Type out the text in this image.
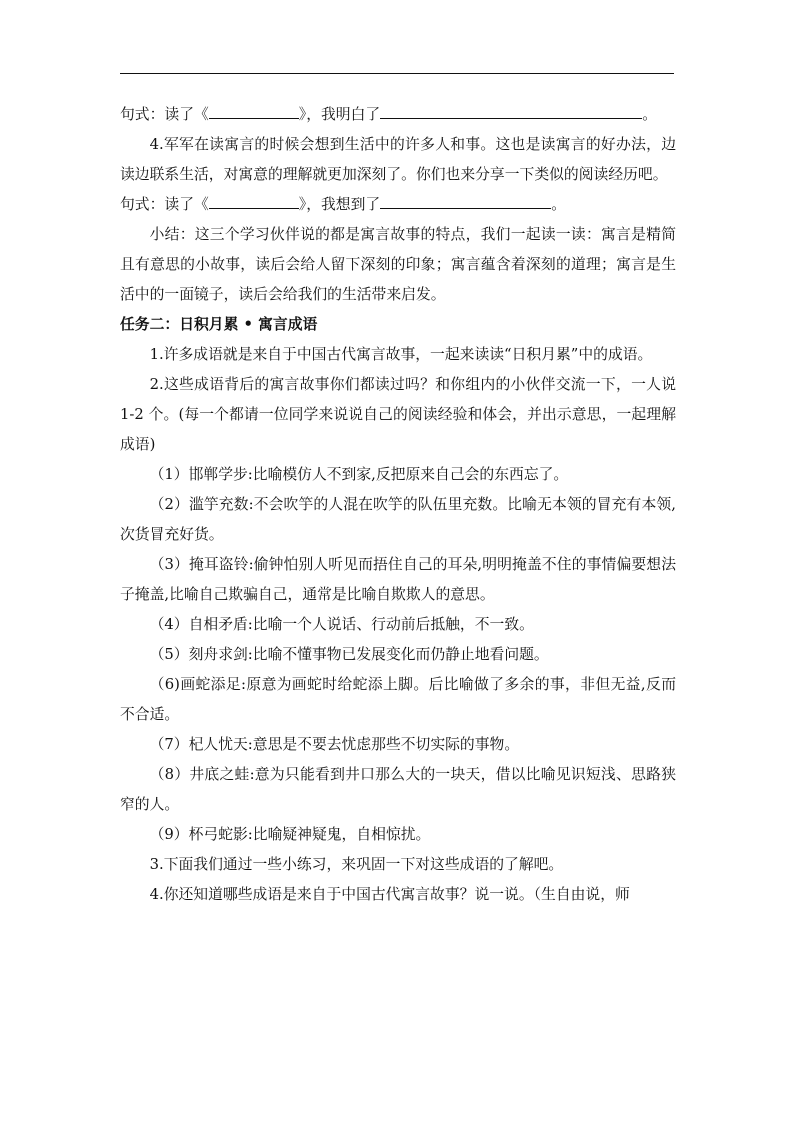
句式：读了《	》，我明白了	。

4.军军在读寓言的时候会想到生活中的许多人和事。这也是读寓言的好办法，边读边联系生活，对寓意的理解就更加深刻了。你们也来分享一下类似的阅读经历吧。

句式：读了《	》，我想到了	。

小结：这三个学习伙伴说的都是寓言故事的特点，我们一起读一读：寓言是精简且有意思的小故事，读后会给人留下深刻的印象；寓言蕴含着深刻的道理；寓言是生活中的一面镜子，读后会给我们的生活带来启发。

任务二：日积月累 • 寓言成语

1.许多成语就是来自于中国古代寓言故事，一起来读读“日积月累”中的成语。

2.这些成语背后的寓言故事你们都读过吗？和你组内的小伙伴交流一下，一人说 1-2 个。(每一个都请一位同学来说说自己的阅读经验和体会，并出示意思，一起理解成语)

（1）邯郸学步:比喻模仿人不到家,反把原来自己会的东西忘了。

（2）滥竽充数:不会吹竽的人混在吹竽的队伍里充数。比喻无本领的冒充有本领,次货冒充好货。

（3）掩耳盗铃:偷钟怕别人听见而捂住自己的耳朵,明明掩盖不住的事情偏要想法子掩盖,比喻自己欺骗自己，通常是比喻自欺欺人的意思。

（4）自相矛盾:比喻一个人说话、行动前后抵触，不一致。

（5）刻舟求剑:比喻不懂事物已发展变化而仍静止地看问题。

（6)画蛇添足:原意为画蛇时给蛇添上脚。后比喻做了多余的事，非但无益,反而不合适。

（7）杞人忧天:意思是不要去忧虑那些不切实际的事物。

（8）井底之蛙:意为只能看到井口那么大的一块天，借以比喻见识短浅、思路狭窄的人。

（9）杯弓蛇影:比喻疑神疑鬼，自相惊扰。

3.下面我们通过一些小练习，来巩固一下对这些成语的了解吧。

4.你还知道哪些成语是来自于中国古代寓言故事？说一说。（生自由说，师
